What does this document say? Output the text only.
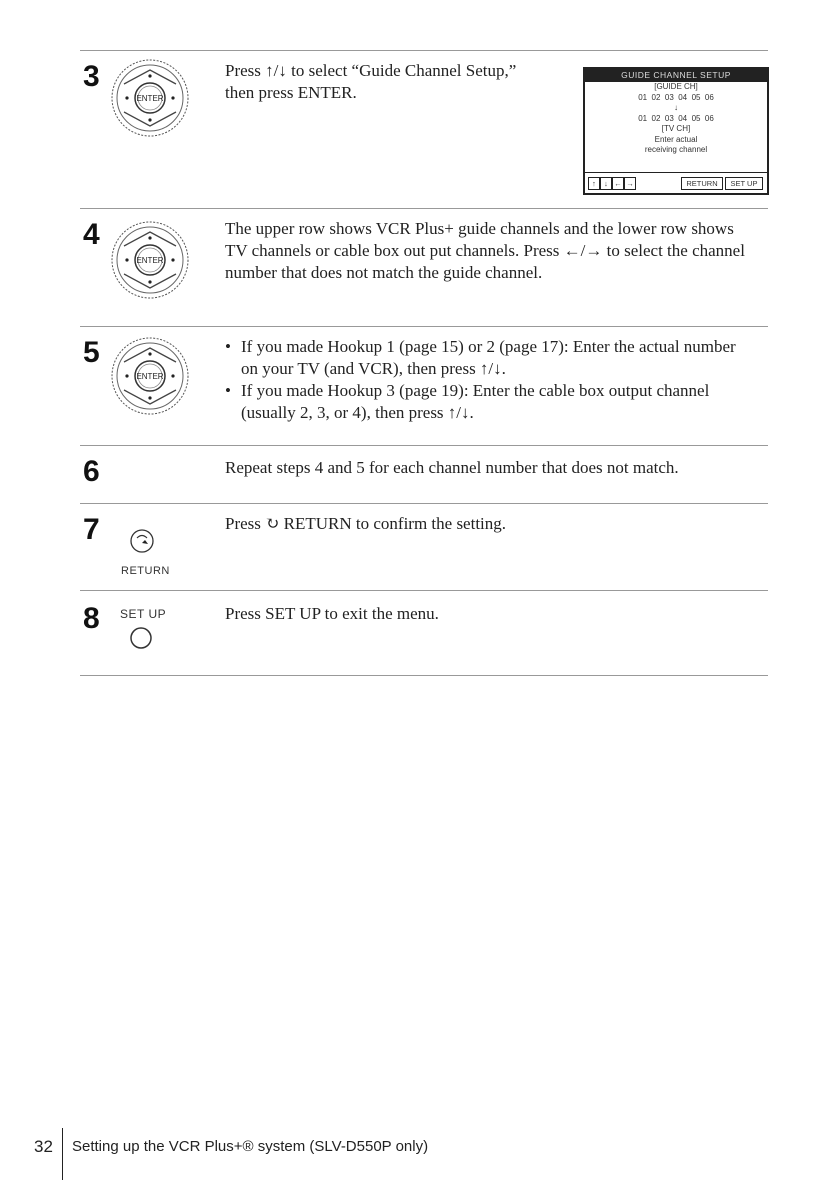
3
ENTER
Press ↑/↓ to select “Guide Channel Setup,”
then press ENTER.
GUIDE CHANNEL SETUP
[GUIDE CH]
01  02  03  04  05  06
↓
01  02  03  04  05  06
[TV CH]
Enter actual
receiving channel
↑	↓ ← →	RETURN	SET UP
4
ENTER
The upper row shows VCR Plus+ guide channels and the lower row shows
TV channels or cable box out put channels. Press ←/→ to select the channel
number that does not match the guide channel.
5
ENTER
• If you made Hookup 1 (page 15) or 2 (page 17): Enter the actual number
on your TV (and VCR), then press ↑/↓.
• If you made Hookup 3 (page 19): Enter the cable box output channel
(usually 2, 3, or 4), then press ↑/↓.
6	Repeat steps 4 and 5 for each channel number that does not match.
7
RETURN
Press ↻ RETURN to confirm the setting.
8 SET UP	Press SET UP to exit the menu.
32 Setting up the VCR Plus+® system (SLV-D550P only)
